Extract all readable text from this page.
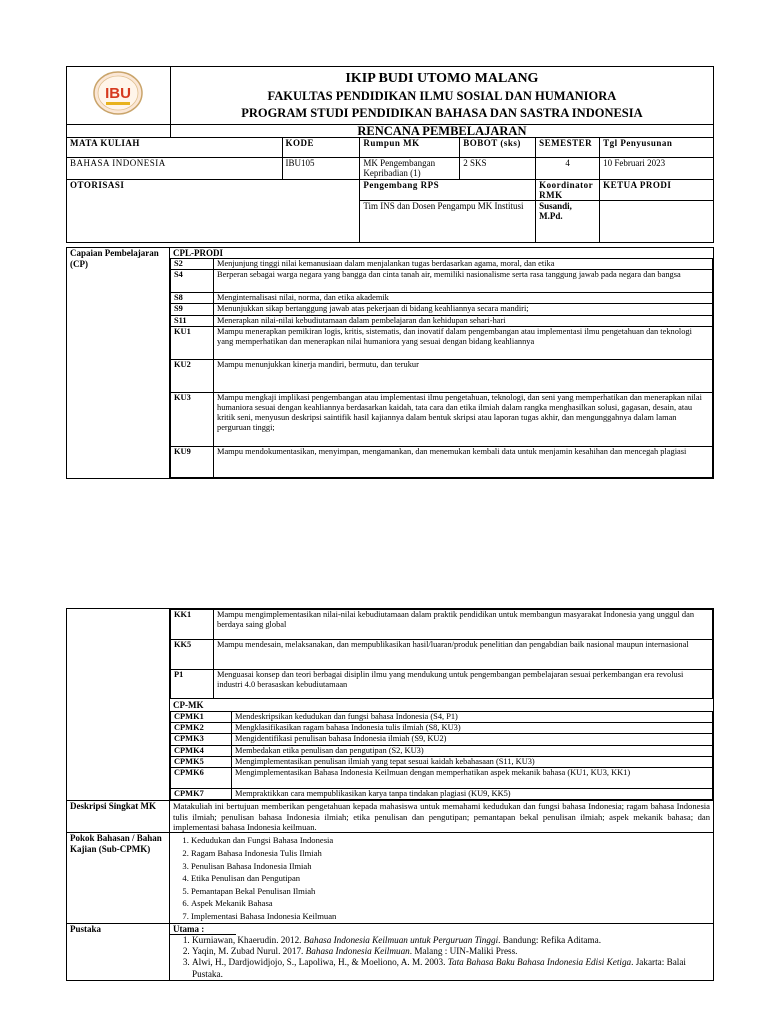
IBU	IKIP BUDI UTOMO MALANG
FAKULTAS PENDIDIKAN ILMU SOSIAL DAN HUMANIORA
PROGRAM STUDI PENDIDIKAN BAHASA DAN SASTRA INDONESIA					

	RENCANA PEMBELAJARAN					
MATA KULIAH		KODE	Rumpun MK	BOBOT (sks)	SEMESTER	Tgl Penyusunan
BAHASA INDONESIA		IBU105	MK Pengembangan Kepribadian (1)	2 SKS	4	10 Februari 2023
OTORISASI			Pengembang RPS		Koordinator RMK	KETUA PRODI
			Tim INS dan Dosen Pengampu MK Institusi		Susandi, M.Pd.	
Capaian Pembelajaran (CP)	
CPL-PRODI
S2	Menjunjung tinggi nilai kemanusiaan dalam menjalankan tugas berdasarkan agama, moral, dan etika
S4	Berperan sebagai warga negara yang bangga dan cinta tanah air, memiliki nasionalisme serta rasa tanggung jawab pada negara dan bangsa
S8	Menginternalisasi nilai, norma, dan etika akademik
S9	Menunjukkan sikap bertanggung jawab atas pekerjaan di bidang keahliannya secara mandiri;
S11	Menerapkan nilai-nilai kebudiutamaan dalam pembelajaran dan kehidupan sehari-hari
KU1	Mampu menerapkan pemikiran logis, kritis, sistematis, dan inovatif dalam pengembangan atau implementasi ilmu pengetahuan dan teknologi yang memperhatikan dan menerapkan nilai humaniora yang sesuai dengan bidang keahliannya
KU2	Mampu menunjukkan kinerja mandiri, bermutu, dan terukur
KU3	Mampu mengkaji implikasi pengembangan atau implementasi ilmu pengetahuan, teknologi, dan seni yang memperhatikan dan menerapkan nilai humaniora sesuai dengan keahliannya berdasarkan kaidah, tata cara dan etika ilmiah dalam rangka menghasilkan solusi, gagasan, desain, atau kritik seni, menyusun deskripsi saintifik hasil kajiannya dalam bentuk skripsi atau laporan tugas akhir, dan mengunggahnya dalam laman perguruan tinggi;
KU9	Mampu mendokumentasikan, menyimpan, mengamankan, dan menemukan kembali data untuk menjamin kesahihan dan mencegah plagiasi

KK1	Mampu mengimplementasikan nilai-nilai kebudiutamaan dalam praktik pendidikan untuk membangun masyarakat Indonesia yang unggul dan berdaya saing global
KK5	Mampu mendesain, melaksanakan, dan mempublikasikan hasil/luaran/produk penelitian dan pengabdian baik nasional maupun internasional
P1	Menguasai konsep dan teori berbagai disiplin ilmu yang mendukung untuk pengembangan pembelajaran sesuai perkembangan era revolusi industri 4.0 berasaskan kebudiutamaan
CP-MK
CPMK1	Mendeskripsikan kedudukan dan fungsi bahasa Indonesia (S4, P1)
CPMK2	Mengklasifikasikan ragam bahasa Indonesia tulis ilmiah (S8, KU3)
CPMK3	Mengidentifikasi penulisan bahasa Indonesia ilmiah (S9, KU2)
CPMK4	Membedakan etika penulisan dan pengutipan (S2, KU3)
CPMK5	Mengimplementasikan penulisan ilmiah yang tepat sesuai kaidah kebahasaan (S11, KU3)
CPMK6	Mengimplementasikan Bahasa Indonesia Keilmuan dengan memperhatikan aspek mekanik bahasa (KU1, KU3, KK1)
CPMK7	Mempraktikkan cara mempublikasikan karya tanpa tindakan plagiasi (KU9, KK5)

Deskripsi Singkat MK	Matakuliah ini bertujuan memberikan pengetahuan kepada mahasiswa untuk memahami kedudukan dan fungsi bahasa Indonesia; ragam bahasa Indonesia tulis ilmiah; penulisan bahasa Indonesia ilmiah; etika penulisan dan pengutipan; pemantapan bekal penulisan ilmiah; aspek mekanik bahasa; dan implementasi bahasa Indonesia keilmuan.
Pokok Bahasan / Bahan Kajian (Sub-CPMK)	
1. Kedudukan dan Fungsi Bahasa Indonesia
2. Ragam Bahasa Indonesia Tulis Ilmiah
3. Penulisan Bahasa Indonesia Ilmiah
4. Etika Penulisan dan Pengutipan
5. Pemantapan Bekal Penulisan Ilmiah
6. Aspek Mekanik Bahasa
7. Implementasi Bahasa Indonesia Keilmuan

Pustaka	Utama :
1. Kurniawan, Khaerudin. 2012. Bahasa Indonesia Keilmuan untuk Perguruan Tinggi. Bandung: Refika Aditama.
2. Yaqin, M. Zubad Nurul. 2017. Bahasa Indonesia Keilmuan. Malang : UIN-Maliki Press.
3. Alwi, H., Dardjowidjojo, S., Lapoliwa, H., & Moeliono, A. M. 2003. Tata Bahasa Baku Bahasa Indonesia Edisi Ketiga. Jakarta: Balai Pustaka.
